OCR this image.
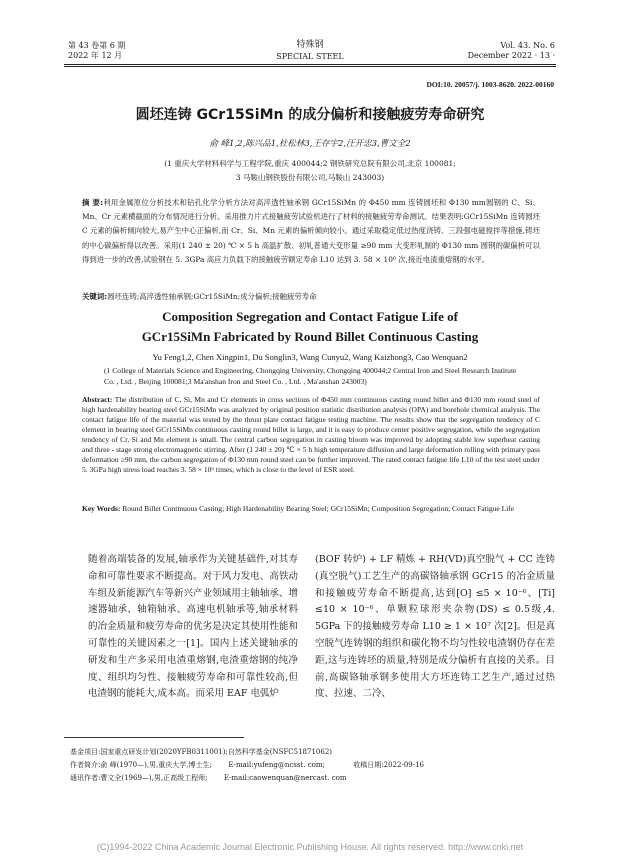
第 43 卷第 6 期
2022 年 12 月
特殊钢
SPECIAL STEEL
Vol. 43. No. 6
December 2022 · 13 ·
DOI:10. 20057/j. 1003-8620. 2022-00160
圆坯连铸 GCr15SiMn 的成分偏析和接触疲劳寿命研究
俞 峰1,2,陈兴品1,杜松林3,王存宇2,汪开忠3,曹文全2
(1 重庆大学材料科学与工程学院,重庆 400044;2 钢铁研究总院有限公司,北京 100081;
3 马鞍山钢铁股份有限公司,马鞍山 243003)
摘 要:利用金属原位分析技术和钻孔化学分析方法对高淬透性轴承钢 GCr15SiMn 的 Φ450 mm 连铸圆坯和 Φ130 mm圆钢的 C、Si、Mn、Cr 元素横截面的分布情况进行分析。采用推力片式接触疲劳试验机进行了材料的接触疲劳寿命测试。结果表明:GCr15SiMn 连铸圆坯 C 元素的偏析倾向较大,易产生中心正偏析,而 Cr、Si、Mn 元素的偏析倾向较小。通过采取稳定低过热度浇铸、三段强电磁搅拌等措施,铸坯的中心碳偏析得以改善。采用(1 240 ± 20) ℃ × 5 h 高温扩散、初轧普通大变形量 ≥90 mm 大变形轧制的 Φ130 mm 圆钢的碳偏析可以得到进一步的改善,试验钢在 5. 3GPa 高应力负载下的接触疲劳额定寿命 L10 达到 3. 58 × 10⁶ 次,接近电渣重熔钢的水平。
关键词:圆坯连铸;高淬透性轴承钢;GCr15SiMn;成分偏析;接触疲劳寿命
Composition Segregation and Contact Fatigue Life of
GCr15SiMn Fabricated by Round Billet Continuous Casting
Yu Feng1,2, Chen Xingpin1, Du Songlin3, Wang Cunyu2, Wang Kaizhong3, Cao Wenquan2
(1 College of Materials Science and Engineering, Chongqing University, Chongqing 400044;2 Central Iron and Steel Research Institute Co. , Ltd. , Beijing 100081;3 Ma'anshan Iron and Steel Co. , Ltd. , Ma'anshan 243003)
Abstract: The distribution of C, Si, Mn and Cr elements in cross sections of Φ450 mm continuous casting round billet and Φ130 mm round steel of high hardenability bearing steel GCr15SiMn was analyzed by original position statistic distribution analysis (OPA) and borehole chemical analysis. The contact fatigue life of the material was tested by the thrust plate contact fatigue testing machine. The results show that the segregation tendency of C element in bearing steel GCr15SiMn continuous casting round billet is large, and it is easy to produce center positive segregation, while the segregation tendency of Cr, Si and Mn element is small. The central carbon segregation in casting bloom was improved by adopting stable low superheat casting and three - stage strong electromagnetic stirring. After (1 240 ± 20) ℃ × 5 h high temperature diffusion and large deformation rolling with primary pass deformation ≥90 mm, the carbon segregation of Φ130 mm round steel can be further improved. The rated contact fatigue life L10 of the test steel under 5. 3GPa high stress load reaches 3. 58 × 10⁶ times, which is close to the level of ESR steel.
Key Words: Round Billet Continuous Casting; High Hardenability Bearing Steel; GCr15SiMn; Composition Segregation; Contact Fatigue Life
随着高端装备的发展,轴承作为关键基础件,对其寿命和可靠性要求不断提高。对于风力发电、高铁动车组及新能源汽车等新兴产业领域用主轴轴承、增速器轴承、轴箱轴承、高速电机轴承等,轴承材料的冶金质量和疲劳寿命的优劣是决定其使用性能和可靠性的关键因素之一[1]。国内上述关键轴承的研发和生产多采用电渣重熔钢,电渣重熔钢的纯净度、组织均匀性、接触疲劳寿命和可靠性较高,但电渣钢的能耗大,成本高。而采用 EAF 电弧炉
(BOF 转炉) + LF 精炼 + RH(VD)真空脱气 + CC 连铸(真空脱气)工艺生产的高碳铬轴承钢 GCr15 的冶金质量和接触疲劳寿命不断提高,达到[O] ≤5 × 10⁻⁶、[Ti] ≤10 × 10⁻⁶、单颗粒球形夹杂物(DS) ≤ 0.5级,4. 5GPa 下的接触疲劳寿命 L10 ≥ 1 × 10⁷ 次[2]。但是真空脱气连铸钢的组织和碳化物不均匀性较电渣钢仍存在差距,这与连铸坯的质量,特别是成分偏析有直接的关系。目前,高碳铬轴承钢多使用大方坯连铸工艺生产,通过过热度、拉速、二冷、
基金项目:国家重点研发计划(2020YFB0311001);自然科学基金(NSFC51871062)
作者简介:俞 峰(1970—),男,重庆大学,博士生; E-mail:yufeng@ncsst. com;	收稿日期:2022-09-16
通讯作者:曹文全(1969—),男,正高级工程师; E-mail:caowenquan@nercast. com
(C)1994-2022 China Academic Journal Electronic Publishing House. All rights reserved. http://www.cnki.net
